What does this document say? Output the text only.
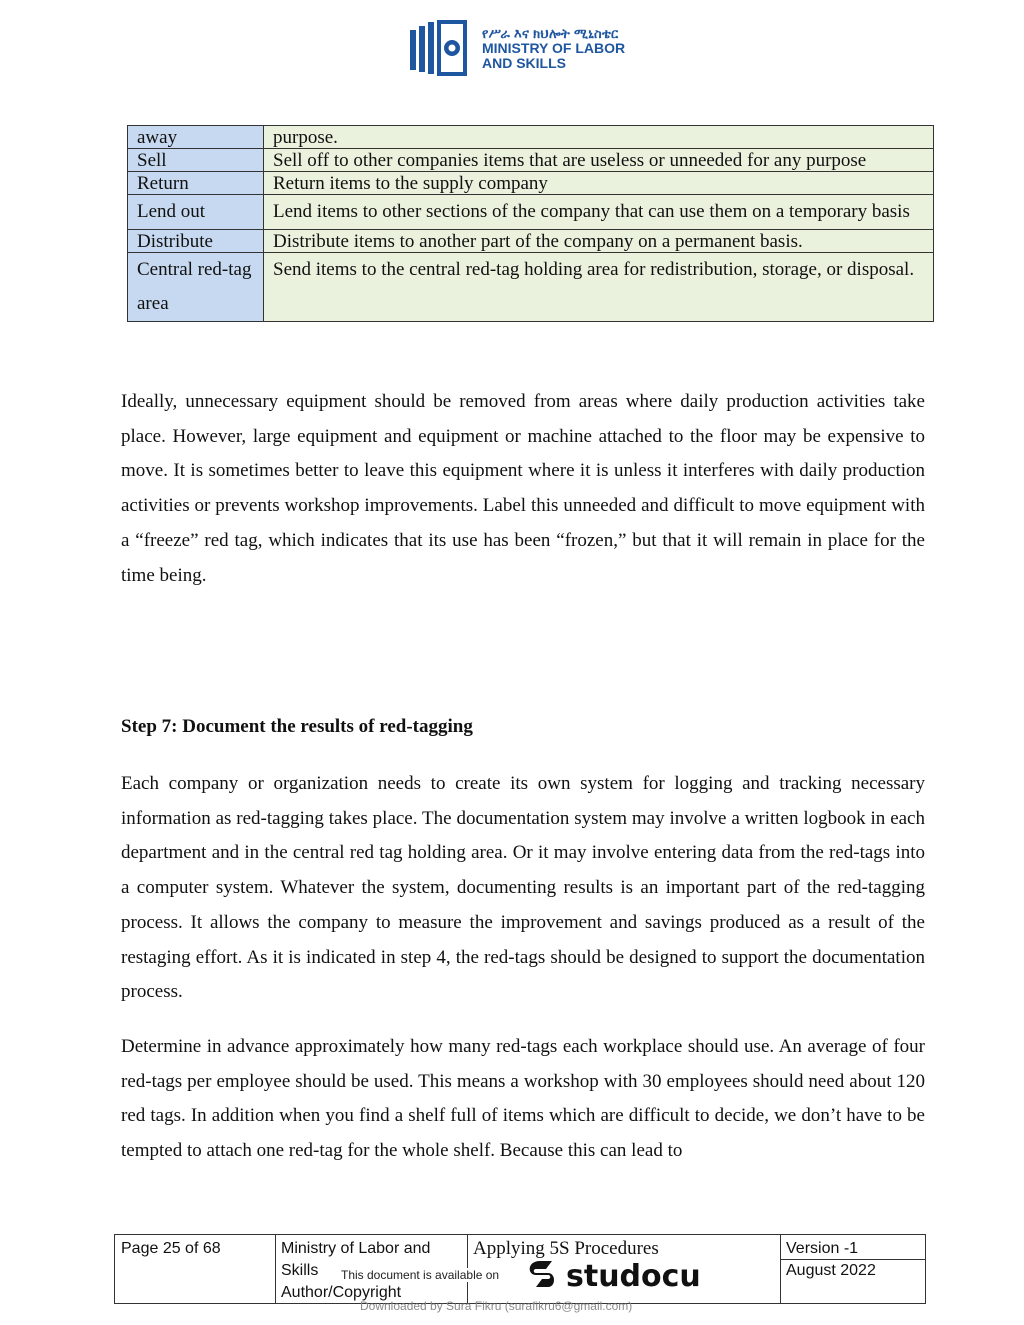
የሥራ እና ክህሎት ሚኒስቴር
MINISTRY OF LABOR
AND SKILLS
away	purpose.
Sell	Sell off to other companies items that are useless or unneeded for any purpose
Return	Return items to the supply company
Lend out	Lend items to other sections of the company that can use them on a temporary basis
Distribute	Distribute items to another part of the company on a permanent basis.
Central red-tag area	Send items to the central red-tag holding area for redistribution, storage, or disposal.

Ideally, unnecessary equipment should be removed from areas where daily production activities take place. However, large equipment and equipment or machine attached to the floor may be expensive to move. It is sometimes better to leave this equipment where it is unless it interferes with daily production activities or prevents workshop improvements. Label this unneeded and difficult to move equipment with a “freeze” red tag, which indicates that its use has been “frozen,” but that it will remain in place for the time being.

Step 7: Document the results of red-tagging

Each company or organization needs to create its own system for logging and tracking necessary information as red-tagging takes place. The documentation system may involve a written logbook in each department and in the central red tag holding area. Or it may involve entering data from the red-tags into a computer system. Whatever the system, documenting results is an important part of the red-tagging process. It allows the company to measure the improvement and savings produced as a result of the restaging effort. As it is indicated in step 4, the red-tags should be designed to support the documentation process.

Determine in advance approximately how many red-tags each workplace should use. An average of four red-tags per employee should be used. This means a workshop with 30 employees should need about 120 red tags. In addition when you find a shelf full of items which are difficult to decide, we don’t have to be tempted to attach one red-tag for the whole shelf. Because this can lead to

Page 25 of 68	Ministry of Labor and Skills
Author/Copyright
Applying 5S Procedures	Version -1
August 2022
This document is available on studocu
Downloaded by Sura Fikru (surafikru6@gmail.com)
